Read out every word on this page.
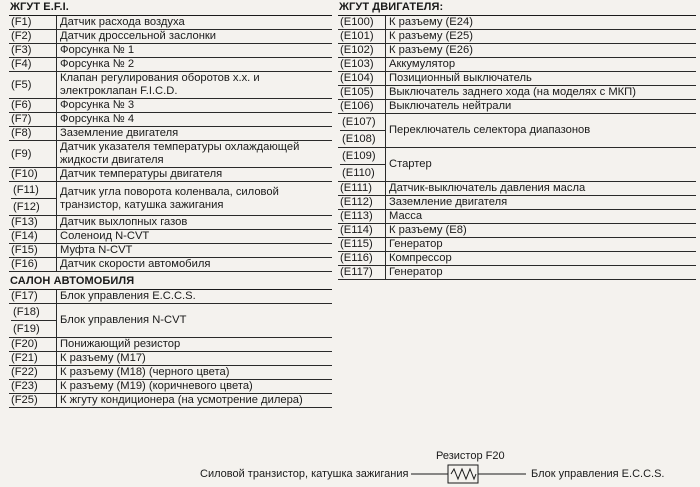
ЖГУТ E.F.I.
(F1)	Датчик расхода воздуха
(F2)	Датчик дроссельной заслонки
(F3)	Форсунка № 1
(F4)	Форсунка № 2
(F5)	Клапан регулирования оборотов х.х. и электроклапан F.I.C.D.
(F6)	Форсунка № 3
(F7)	Форсунка № 4
(F8)	Заземление двигателя
(F9)	Датчик указателя температуры охлаждающей жидкости двигателя
(F10)	Датчик температуры двигателя

(F11)
(F12)	Датчик угла поворота коленвала, силовой транзистор, катушка зажигания
(F13)	Датчик выхлопных газов
(F14)	Соленоид N-CVT
(F15)	Муфта N-CVT
(F16)	Датчик скорости автомобиля
САЛОН АВТОМОБИЛЯ
(F17)	Блок управления E.C.C.S.

(F18)
(F19)	Блок управления N-CVT
(F20)	Понижающий резистор
(F21)	К разъему (M17)
(F22)	К разъему (M18) (черного цвета)
(F23)	К разъему (M19) (коричневого цвета)
(F25)	К жгуту кондиционера (на усмотрение дилера)
ЖГУТ ДВИГАТЕЛЯ:
(E100)	К разъему (E24)
(E101)	К разъему (E25)
(E102)	К разъему (E26)
(E103)	Аккумулятор
(E104)	Позиционный выключатель
(E105)	Выключатель заднего хода (на моделях с МКП)
(E106)	Выключатель нейтрали

(E107)
(E108)	Переключатель селектора диапазонов

(E109)
(E110)	Стартер
(E111)	Датчик-выключатель давления масла
(E112)	Заземление двигателя
(E113)	Масса
(E114)	К разъему (E8)
(E115)	Генератор
(E116)	Компрессор
(E117)	Генератор
Резистор F20
Силовой транзистор, катушка зажигания	Блок управления E.C.C.S.
